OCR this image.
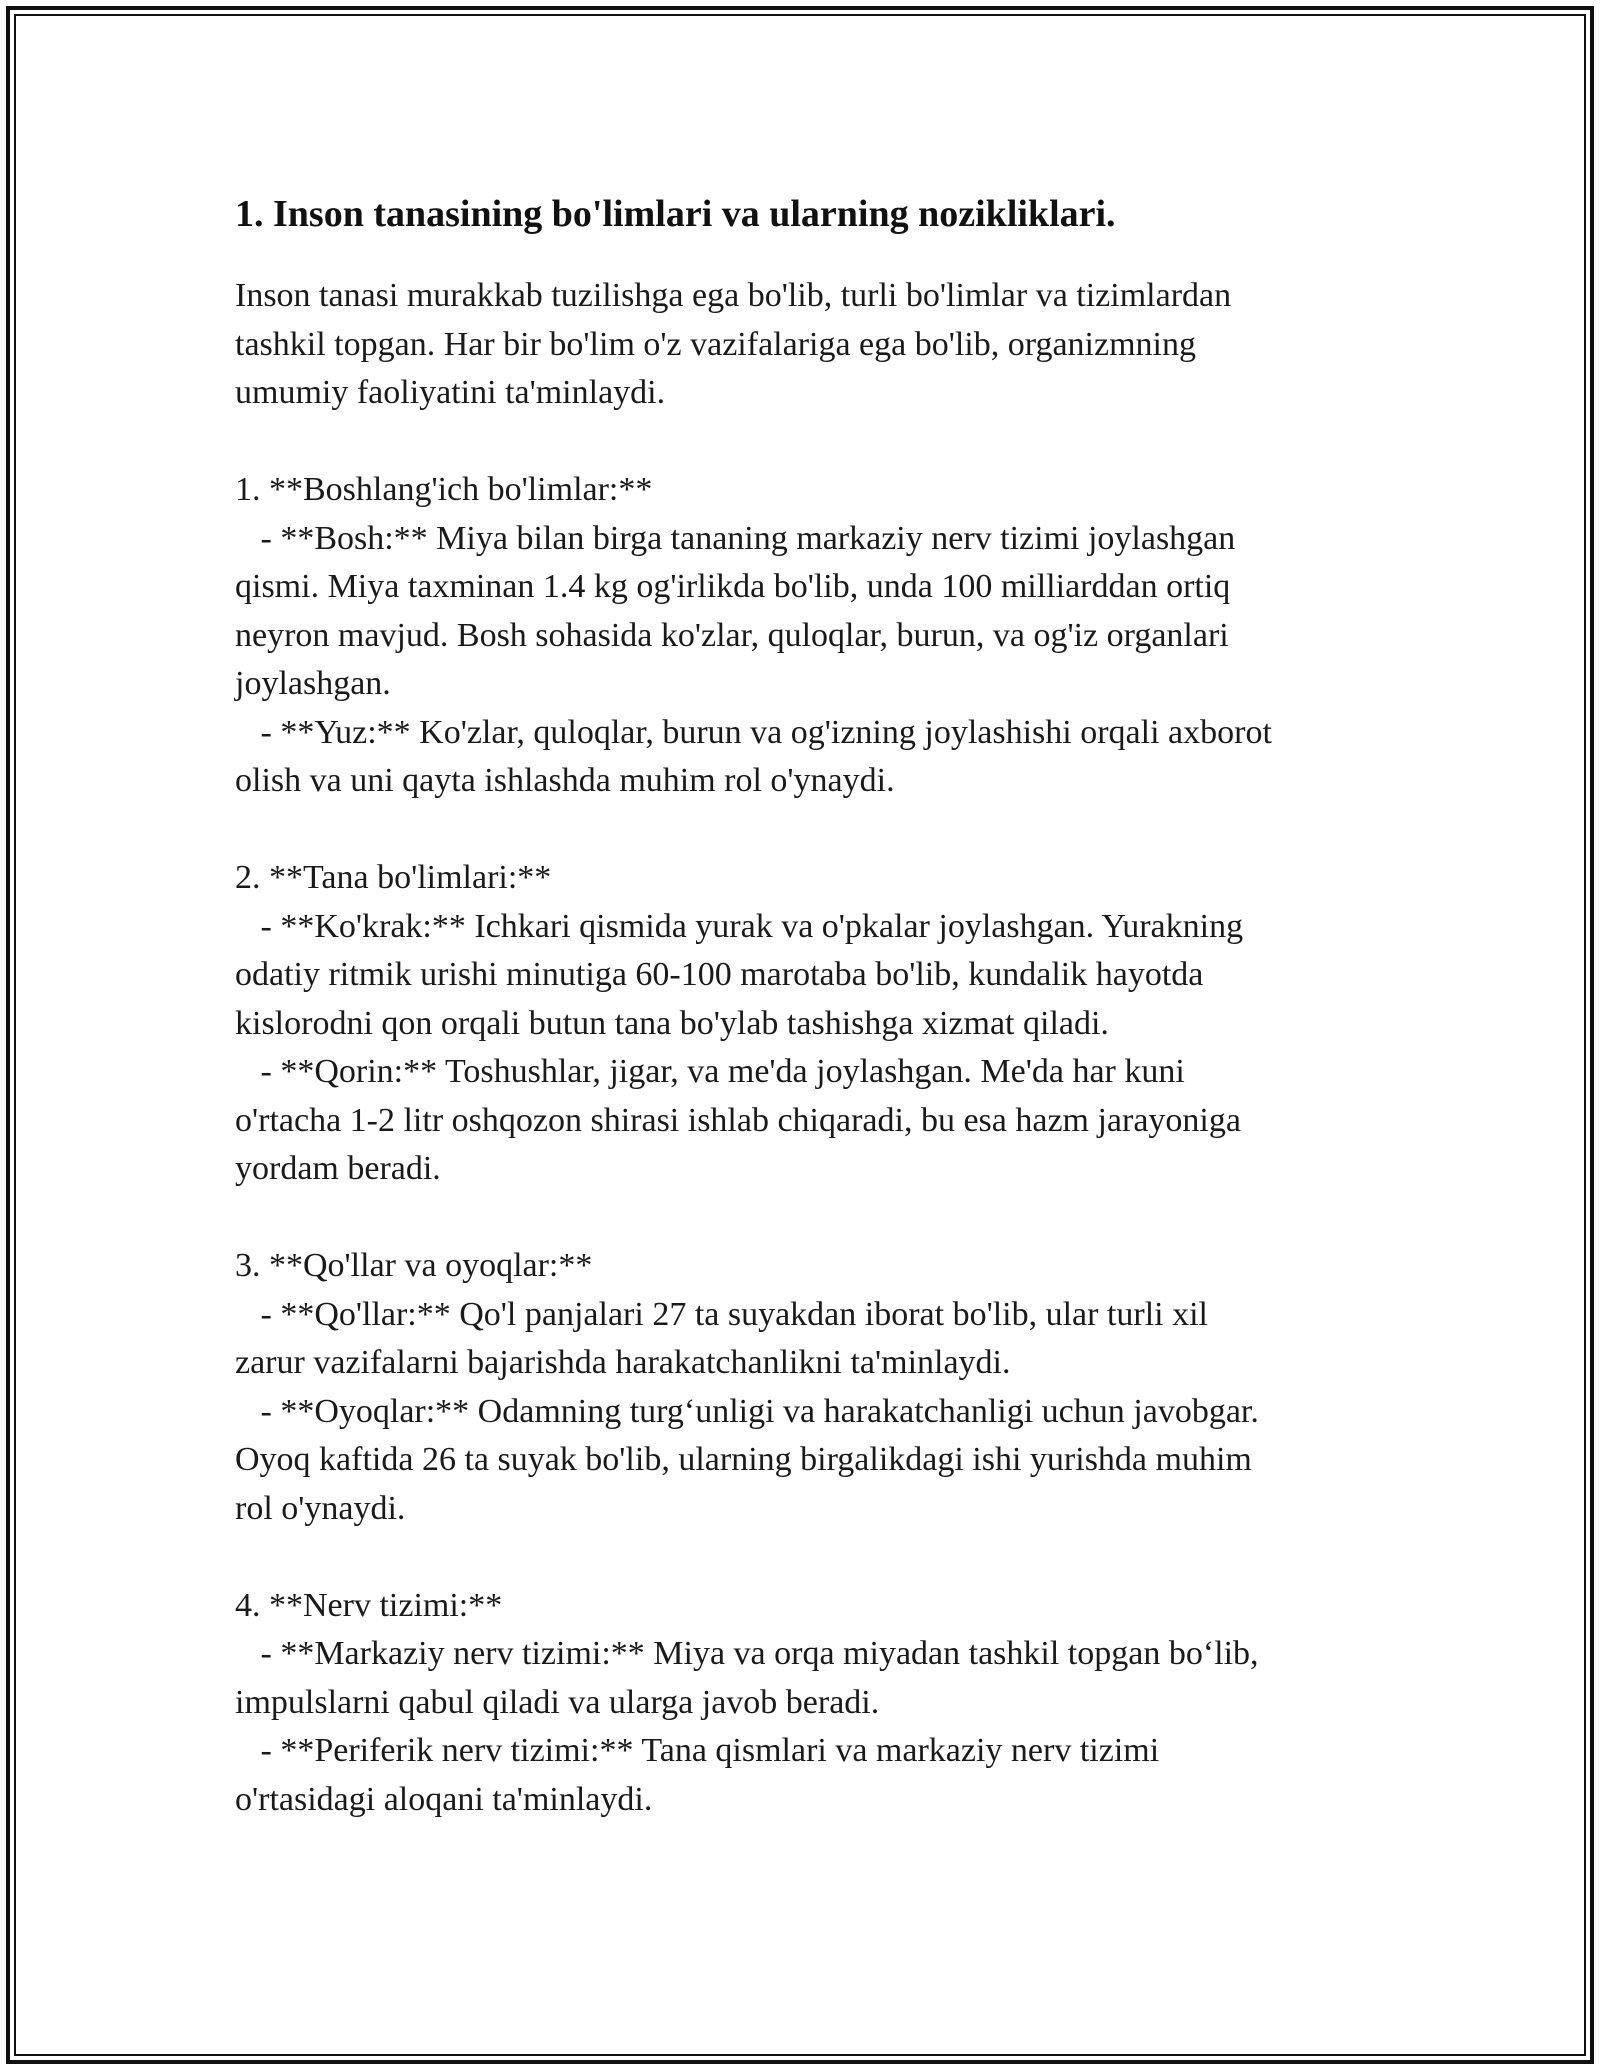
1. Inson tanasining bo'limlari va ularning nozikliklari.
Inson tanasi murakkab tuzilishga ega bo'lib, turli bo'limlar va tizimlardan
tashkil topgan. Har bir bo'lim o'z vazifalariga ega bo'lib, organizmning
umumiy faoliyatini ta'minlaydi.

1. **Boshlang'ich bo'limlar:**
- **Bosh:** Miya bilan birga tananing markaziy nerv tizimi joylashgan
qismi. Miya taxminan 1.4 kg og'irlikda bo'lib, unda 100 milliarddan ortiq
neyron mavjud. Bosh sohasida ko'zlar, quloqlar, burun, va og'iz organlari
joylashgan.
- **Yuz:** Ko'zlar, quloqlar, burun va og'izning joylashishi orqali axborot
olish va uni qayta ishlashda muhim rol o'ynaydi.

2. **Tana bo'limlari:**
- **Ko'krak:** Ichkari qismida yurak va o'pkalar joylashgan. Yurakning
odatiy ritmik urishi minutiga 60-100 marotaba bo'lib, kundalik hayotda
kislorodni qon orqali butun tana bo'ylab tashishga xizmat qiladi.
- **Qorin:** Toshushlar, jigar, va me'da joylashgan. Me'da har kuni
o'rtacha 1-2 litr oshqozon shirasi ishlab chiqaradi, bu esa hazm jarayoniga
yordam beradi.

3. **Qo'llar va oyoqlar:**
- **Qo'llar:** Qo'l panjalari 27 ta suyakdan iborat bo'lib, ular turli xil
zarur vazifalarni bajarishda harakatchanlikni ta'minlaydi.
- **Oyoqlar:** Odamning turg‘unligi va harakatchanligi uchun javobgar.
Oyoq kaftida 26 ta suyak bo'lib, ularning birgalikdagi ishi yurishda muhim
rol o'ynaydi.

4. **Nerv tizimi:**
- **Markaziy nerv tizimi:** Miya va orqa miyadan tashkil topgan bo‘lib,
impulslarni qabul qiladi va ularga javob beradi.
- **Periferik nerv tizimi:** Tana qismlari va markaziy nerv tizimi
o'rtasidagi aloqani ta'minlaydi.
